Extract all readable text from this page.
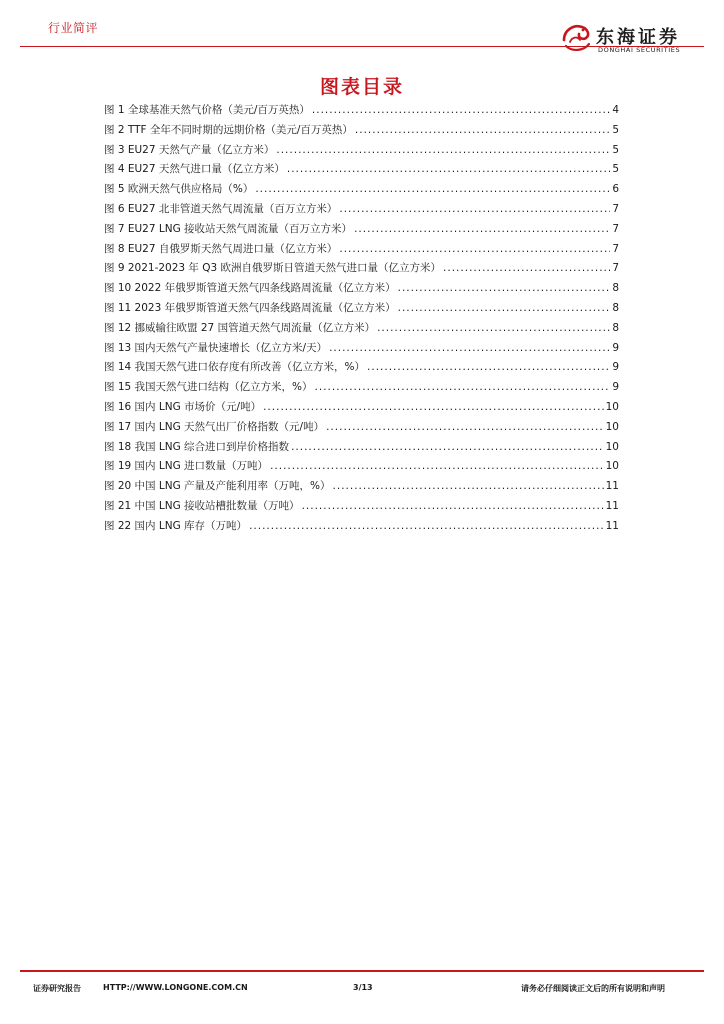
行业简评	东海证券
DONGHAI SECURITIES
图表目录
图 1 全球基准天然气价格（美元/百万英热） .....	4
图 2 TTF 全年不同时期的远期价格（美元/百万英热） .....	5
图 3 EU27 天然气产量（亿立方米） .....	5
图 4 EU27 天然气进口量（亿立方米） .....	5
图 5 欧洲天然气供应格局（%） .....	6
图 6 EU27 北非管道天然气周流量（百万立方米） .....	7
图 7 EU27 LNG 接收站天然气周流量（百万立方米） .....	7
图 8 EU27 自俄罗斯天然气周进口量（亿立方米） .....	7
图 9 2021-2023 年 Q3 欧洲自俄罗斯日管道天然气进口量（亿立方米） .....	7
图 10 2022 年俄罗斯管道天然气四条线路周流量（亿立方米） .....	8
图 11 2023 年俄罗斯管道天然气四条线路周流量（亿立方米） .....	8
图 12 挪威输往欧盟 27 国管道天然气周流量（亿立方米） .....	8
图 13 国内天然气产量快速增长（亿立方米/天） .....	9
图 14 我国天然气进口依存度有所改善（亿立方米，%） .....	9
图 15 我国天然气进口结构（亿立方米，%） .....	9
图 16 国内 LNG 市场价（元/吨） .....	10
图 17 国内 LNG 天然气出厂价格指数（元/吨） .....	10
图 18 我国 LNG 综合进口到岸价格指数 .....	10
图 19 国内 LNG 进口数量（万吨） .....	10
图 20 中国 LNG 产量及产能利用率（万吨，%） .....	11
图 21 中国 LNG 接收站槽批数量（万吨） .....	11
图 22 国内 LNG 库存（万吨） .....	11
证券研究报告	HTTP://WWW.LONGONE.COM.CN	3/13	请务必仔细阅读正文后的所有说明和声明
